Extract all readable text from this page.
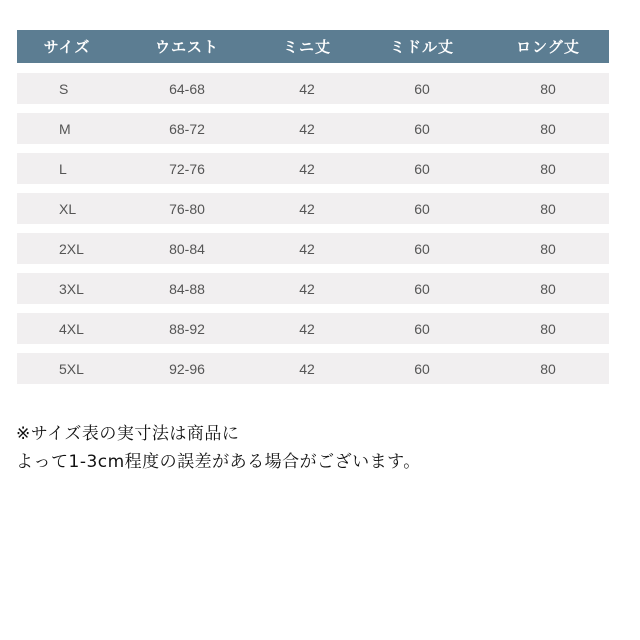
サイズ	ウエスト	ミニ丈	ミドル丈	ロング丈
S	64-68	42	60	80
M	68-72	42	60	80
L	72-76	42	60	80
XL	76-80	42	60	80
2XL	80-84	42	60	80
3XL	84-88	42	60	80
4XL	88-92	42	60	80
5XL	92-96	42	60	80
※サイズ表の実寸法は商品に
よって1-3cm程度の誤差がある場合がございます。
